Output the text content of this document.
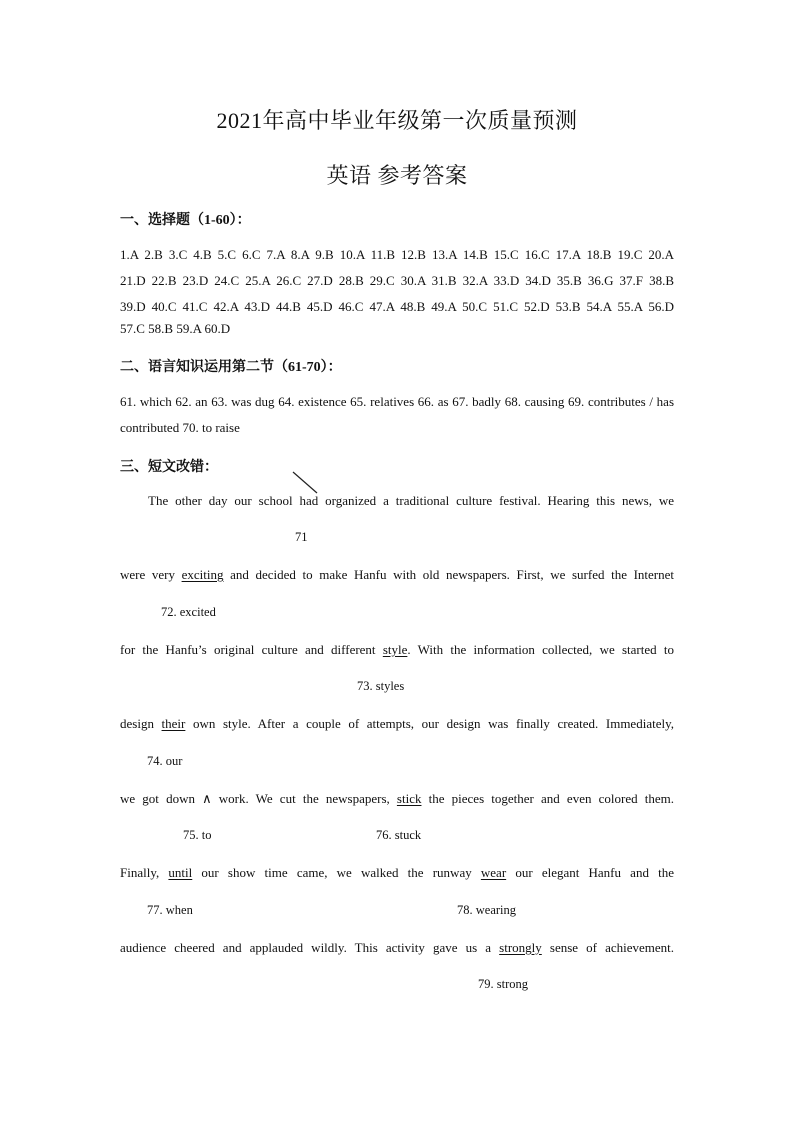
2021年高中毕业年级第一次质量预测
英语 参考答案
一、选择题（1-60）：
1.A 2.B 3.C 4.B 5.C 6.C 7.A 8.A 9.B 10.A 11.B 12.B 13.A 14.B 15.C 16.C 17.A 18.B 19.C 20.A
21.D 22.B 23.D 24.C 25.A 26.C 27.D 28.B 29.C 30.A 31.B 32.A 33.D 34.D 35.B 36.G 37.F 38.B
39.D 40.C 41.C 42.A 43.D 44.B 45.D 46.C 47.A 48.B 49.A 50.C 51.C 52.D 53.B 54.A 55.A 56.D
57.C 58.B 59.A 60.D
二、语言知识运用第二节（61-70）：
61. which 62. an 63. was dug 64. existence 65. relatives 66. as 67. badly 68. causing 69. contributes / has contributed 70. to raise
三、短文改错：
The other day our school had organized a traditional culture festival. Hearing this news, we
71
were very exciting and decided to make Hanfu with old newspapers. First, we surfed the Internet
72. excited
for the Hanfu’s original culture and different style. With the information collected, we started to
73. styles
design their own style. After a couple of attempts, our design was finally created. Immediately,
74. our
we got down ∧ work. We cut the newspapers, stick the pieces together and even colored them.
75. to	76. stuck
Finally, until our show time came, we walked the runway wear our elegant Hanfu and the
77. when	78. wearing
audience cheered and applauded wildly. This activity gave us a strongly sense of achievement.
79. strong
